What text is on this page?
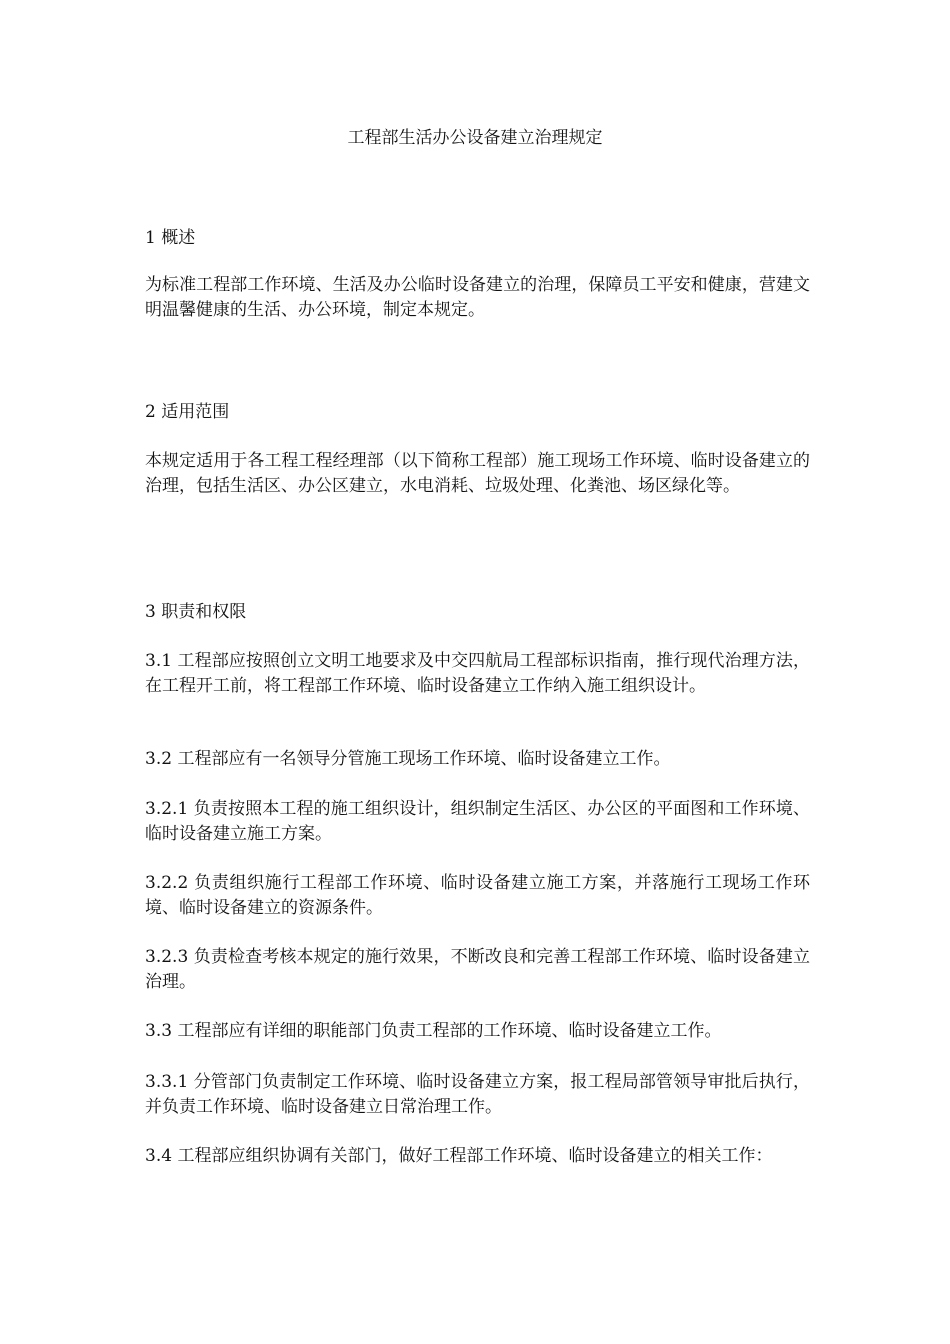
工程部生活办公设备建立治理规定
1 概述
为标准工程部工作环境、生活及办公临时设备建立的治理，保障员工平安和健康，营建文明温馨健康的生活、办公环境，制定本规定。
2 适用范围
本规定适用于各工程工程经理部（以下简称工程部）施工现场工作环境、临时设备建立的治理，包括生活区、办公区建立，水电消耗、垃圾处理、化粪池、场区绿化等。
3 职责和权限
3.1 工程部应按照创立文明工地要求及中交四航局工程部标识指南，推行现代治理方法，在工程开工前，将工程部工作环境、临时设备建立工作纳入施工组织设计。
3.2 工程部应有一名领导分管施工现场工作环境、临时设备建立工作。
3.2.1 负责按照本工程的施工组织设计，组织制定生活区、办公区的平面图和工作环境、临时设备建立施工方案。
3.2.2 负责组织施行工程部工作环境、临时设备建立施工方案，并落施行工现场工作环境、临时设备建立的资源条件。
3.2.3 负责检查考核本规定的施行效果，不断改良和完善工程部工作环境、临时设备建立治理。
3.3 工程部应有详细的职能部门负责工程部的工作环境、临时设备建立工作。
3.3.1 分管部门负责制定工作环境、临时设备建立方案，报工程局部管领导审批后执行，并负责工作环境、临时设备建立日常治理工作。
3.4 工程部应组织协调有关部门，做好工程部工作环境、临时设备建立的相关工作：
